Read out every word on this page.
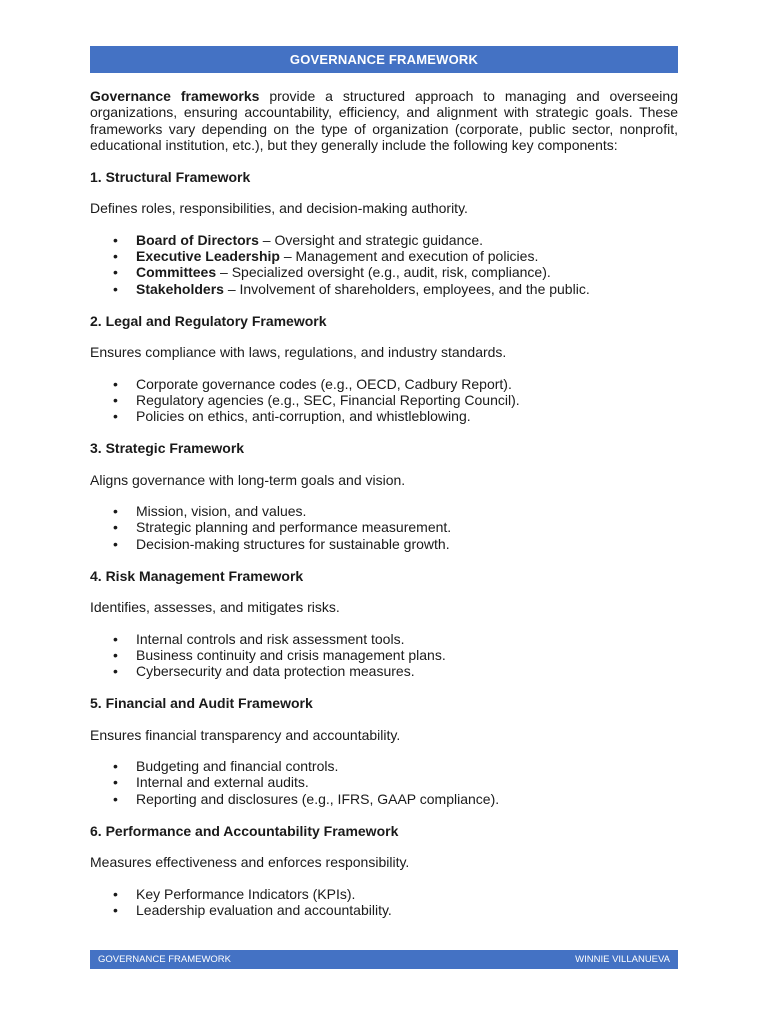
GOVERNANCE FRAMEWORK

Governance frameworks provide a structured approach to managing and overseeing organizations, ensuring accountability, efficiency, and alignment with strategic goals. These frameworks vary depending on the type of organization (corporate, public sector, nonprofit, educational institution, etc.), but they generally include the following key components:

1. Structural Framework

Defines roles, responsibilities, and decision-making authority.

• Board of Directors – Oversight and strategic guidance.
• Executive Leadership – Management and execution of policies.
• Committees – Specialized oversight (e.g., audit, risk, compliance).
• Stakeholders – Involvement of shareholders, employees, and the public.

2. Legal and Regulatory Framework

Ensures compliance with laws, regulations, and industry standards.

• Corporate governance codes (e.g., OECD, Cadbury Report).
• Regulatory agencies (e.g., SEC, Financial Reporting Council).
• Policies on ethics, anti-corruption, and whistleblowing.

3. Strategic Framework

Aligns governance with long-term goals and vision.

• Mission, vision, and values.
• Strategic planning and performance measurement.
• Decision-making structures for sustainable growth.

4. Risk Management Framework

Identifies, assesses, and mitigates risks.

• Internal controls and risk assessment tools.
• Business continuity and crisis management plans.
• Cybersecurity and data protection measures.

5. Financial and Audit Framework

Ensures financial transparency and accountability.

• Budgeting and financial controls.
• Internal and external audits.
• Reporting and disclosures (e.g., IFRS, GAAP compliance).

6. Performance and Accountability Framework

Measures effectiveness and enforces responsibility.

• Key Performance Indicators (KPIs).
• Leadership evaluation and accountability.
GOVERNANCE FRAMEWORK	WINNIE VILLANUEVA
